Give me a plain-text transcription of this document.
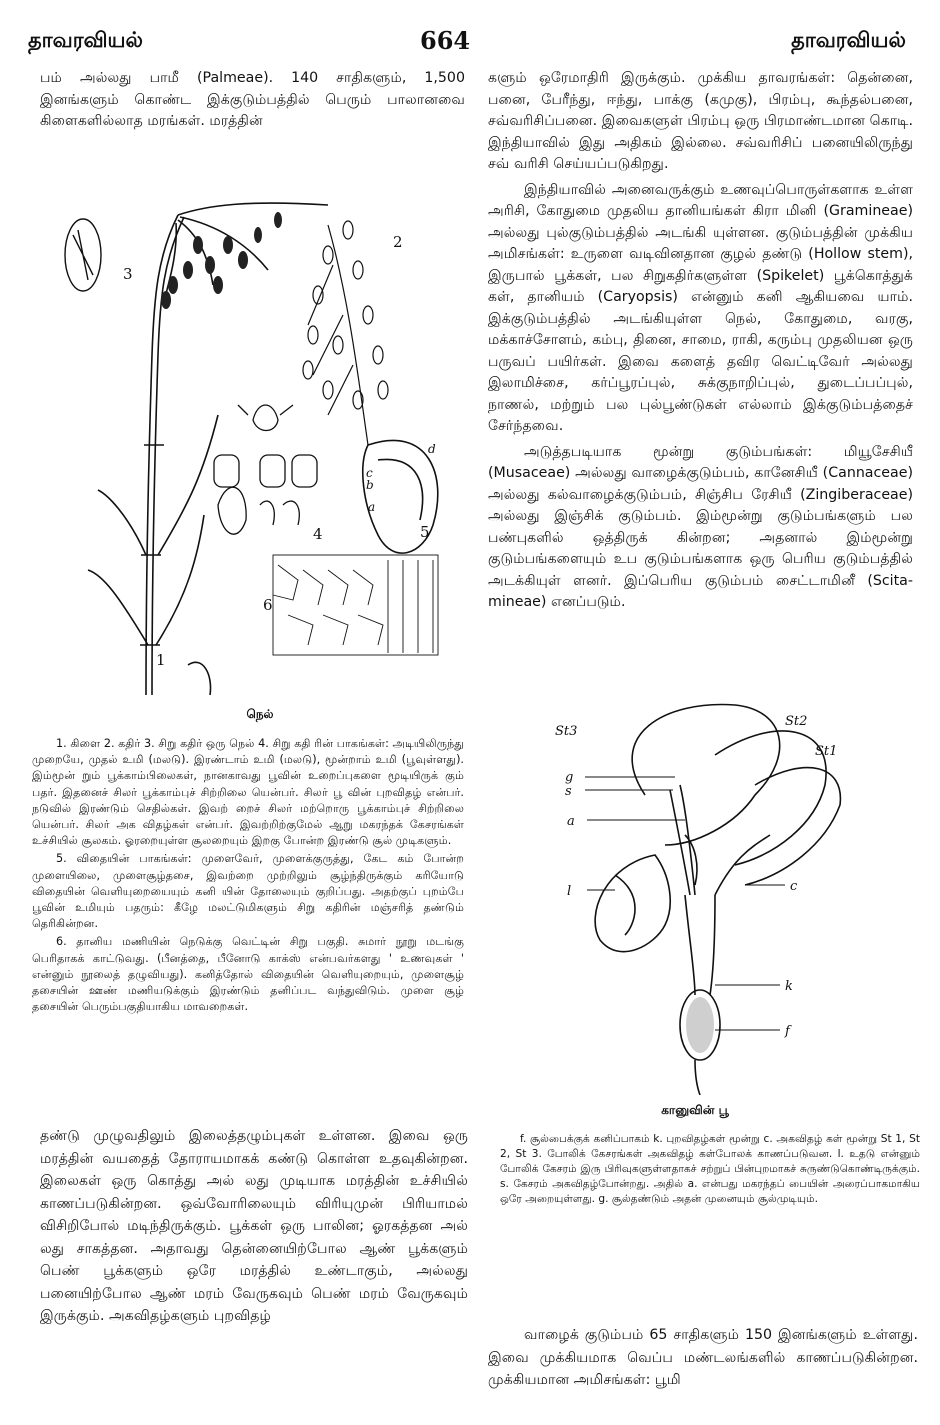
தாவரவியல்	664	தாவரவியல்

பம் அல்லது பாமீ (Palmeae). 140 சாதிகளும், 1,500 இனங்களும் கொண்ட இக்குடும்பத்தில் பெரும் பாலானவை கிளைகளில்லாத மரங்கள். மரத்தின்

1
2
3
4	5
6
a
b
c
d
நெல்

1. கிளை 2. கதிர் 3. சிறு கதிர் ஒரு நெல் 4. சிறு கதி ரின் பாகங்கள்: அடியிலிருந்து முறையே, முதல் உமி (மலடு). இரண்டாம் உமி (மலடு), மூன்றாம் உமி (பூவுள்ளது). இம்மூன் றும் பூக்காம்பிலைகள், நானகாவது பூவின் உறைப்புகளை மூடியிருக் கும் பதர். இதனைச் சிலர் பூக்காம்புச் சிற்றிலை யென்பர். சிலர் பூ வின் புறவிதழ் என்பர். நடுவில் இரண்டும் செதில்கள். இவற் றைச் சிலர் மற்றொரு பூக்காம்புச் சிற்றிலை யென்பர். சிலர் அக விதழ்கள் என்பர். இவற்றிற்குமேல் ஆறு மகரந்தக் கேசரங்கள் உச்சியில் சூலகம். ஓரறையுள்ள சூலறையும் இறகு போன்ற இரண்டு சூல் முடிகளும்.

5. விதையின் பாகங்கள்: முளைவேர், முளைக்குருத்து, கேட கம் போன்ற முளையிலை, முளைசூழ்தசை, இவற்றை முற்றிலும் சூழ்ந்திருக்கும் கரியோடு விதையின் வெளியுறையையும் கனி யின் தோலையும் குறிப்பது. அதற்குப் புறம்பே பூவின் உமியும் பதரும்: கீழே மலட்டுமிகளும் சிறு கதிரின் மஞ்சரித் தண்டும் தெரிகின்றன.

6. தானிய மணியின் நெடுக்கு வெட்டின் சிறு பகுதி. சுமார் நூறு மடங்கு பெரிதாகக் காட்டுவது. (பீனத்தை, பீனோடு காக்ஸ் என்பவர்களது ' உணவுகள் ' என்னும் நூலைத் தழுவியது). கனித்தோல் விதையின் வெளியுறையும், முளைசூழ் தசையின் ஊண் மணியடுக்கும் இரண்டும் தனிப்பட வந்துவிடும். முளை சூழ் தசையின் பெரும்பகுதியாகிய மாவறைகள்.

களும் ஒரேமாதிரி இருக்கும். முக்கிய தாவரங்கள்: தென்னை, பனை, பேரீந்து, ஈந்து, பாக்கு (கமுகு), பிரம்பு, கூந்தல்பனை, சவ்வரிசிப்பனை. இவைகளுள் பிரம்பு ஒரு பிரமாண்டமான கொடி. இந்தியாவில் இது அதிகம் இல்லை. சவ்வரிசிப் பனையிலிருந்து சவ் வரிசி செய்யப்படுகிறது.

இந்தியாவில் அனைவருக்கும் உணவுப்பொருள்களாக உள்ள அரிசி, கோதுமை முதலிய தானியங்கள் கிரா மினி (Gramineae) அல்லது புல்குடும்பத்தில் அடங்கி யுள்ளன. குடும்பத்தின் முக்கிய அமிசங்கள்: உருளை வடிவினதான குழல் தண்டு (Hollow stem), இருபால் பூக்கள், பல சிறுகதிர்களுள்ள (Spikelet) பூக்கொத்துக் கள், தானியம் (Caryopsis) என்னும் கனி ஆகியவை யாம். இக்குடும்பத்தில் அடங்கியுள்ள நெல், கோதுமை, வரகு, மக்காச்சோளம், கம்பு, தினை, சாமை, ராகி, கரும்பு முதலியன ஒரு பருவப் பயிர்கள். இவை களைத் தவிர வெட்டிவேர் அல்லது இலாமிச்சை, கர்ப்பூரப்புல், சுக்குநாறிப்புல், துடைப்பப்புல், நாணல், மற்றும் பல புல்பூண்டுகள் எல்லாம் இக்குடும்பத்தைச் சேர்ந்தவை.

அடுத்தபடியாக மூன்று குடும்பங்கள்: மியூசேசியீ (Musaceae) அல்லது வாழைக்குடும்பம், கானேசியீ (Cannaceae) அல்லது கல்வாழைக்குடும்பம், சிஞ்சிப ரேசியீ (Zingiberaceae) அல்லது இஞ்சிக் குடும்பம். இம்மூன்று குடும்பங்களும் பல பண்புகளில் ஒத்திருக் கின்றன; அதனால் இம்மூன்று குடும்பங்களையும் உப குடும்பங்களாக ஒரு பெரிய குடும்பத்தில் அடக்கியுள் ளனர். இப்பெரிய குடும்பம் சைட்டாமினீ (Scita- mineae) எனப்படும்.

St3
St2
St1
g
s
a
l	c
k
f
கானுவின் பூ

f. சூல்பைக்குக் கனிப்பாகம் k. புறவிதழ்கள் மூன்று c. அகவிதழ் கள் மூன்று St 1, St 2, St 3. போலிக் கேசரங்கள் அகவிதழ் கள்போலக் காணப்படுவன. l. உதடு என்னும் போலிக் கேசரம் இரு பிரிவுகளுள்ளதாகச் சற்றுப் பின்புறமாகச் சுருண்டுகொண்டிருக்கும். s. கேசரம் அகவிதழ்போன்றது. அதில் a. என்பது மகரந்தப் பையின் அரைப்பாகமாகிய ஒரே அறையுள்ளது. g. சூல்தண்டும் அதன் முனையும் சூல்முடியும்.

தண்டு முழுவதிலும் இலைத்தழும்புகள் உள்ளன. இவை ஒரு மரத்தின் வயதைத் தோராயமாகக் கண்டு கொள்ள உதவுகின்றன. இலைகள் ஒரு கொத்து அல் லது முடியாக மரத்தின் உச்சியில் காணப்படுகின்றன. ஒவ்வோரிலையும் விரியுமுன் பிரியாமல் விசிறிபோல் மடிந்திருக்கும். பூக்கள் ஒரு பாலின; ஓரகத்தன அல் லது சாகத்தன. அதாவது தென்னையிற்போல ஆண் பூக்களும் பெண் பூக்களும் ஒரே மரத்தில் உண்டாகும், அல்லது பனையிற்போல ஆண் மரம் வேருகவும் பெண் மரம் வேருகவும் இருக்கும். அகவிதழ்களும் புறவிதழ்

வாழைக் குடும்பம் 65 சாதிகளும் 150 இனங்களும் உள்ளது. இவை முக்கியமாக வெப்ப மண்டலங்களில் காணப்படுகின்றன. முக்கியமான அமிசங்கள்: பூமி
